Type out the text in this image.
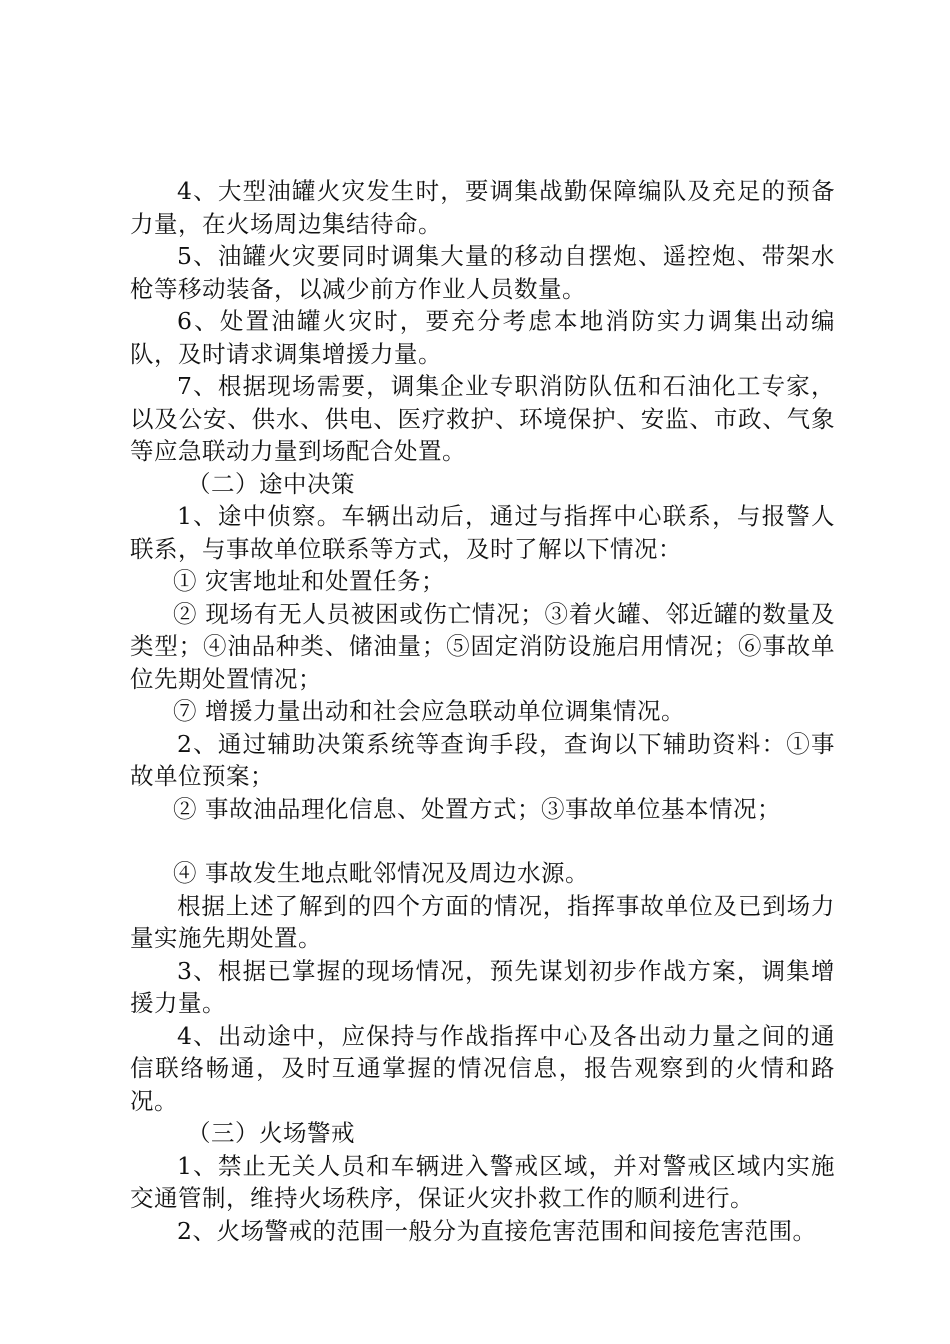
4、大型油罐火灾发生时，要调集战勤保障编队及充足的预备力量，在火场周边集结待命。

5、油罐火灾要同时调集大量的移动自摆炮、遥控炮、带架水枪等移动装备，以减少前方作业人员数量。

6、处置油罐火灾时，要充分考虑本地消防实力调集出动编队，及时请求调集增援力量。

7、根据现场需要，调集企业专职消防队伍和石油化工专家，以及公安、供水、供电、医疗救护、环境保护、安监、市政、气象等应急联动力量到场配合处置。

（二）途中决策

1、途中侦察。车辆出动后，通过与指挥中心联系，与报警人联系，与事故单位联系等方式，及时了解以下情况：

① 灾害地址和处置任务；

② 现场有无人员被困或伤亡情况；③着火罐、邻近罐的数量及类型；④油品种类、储油量；⑤固定消防设施启用情况；⑥事故单位先期处置情况；

⑦ 增援力量出动和社会应急联动单位调集情况。

2、通过辅助决策系统等查询手段，查询以下辅助资料：①事故单位预案；

② 事故油品理化信息、处置方式；③事故单位基本情况；

④ 事故发生地点毗邻情况及周边水源。

根据上述了解到的四个方面的情况，指挥事故单位及已到场力量实施先期处置。

3、根据已掌握的现场情况，预先谋划初步作战方案，调集增援力量。

4、出动途中，应保持与作战指挥中心及各出动力量之间的通信联络畅通，及时互通掌握的情况信息，报告观察到的火情和路况。

（三）火场警戒

1、禁止无关人员和车辆进入警戒区域，并对警戒区域内实施交通管制，维持火场秩序，保证火灾扑救工作的顺利进行。

2、火场警戒的范围一般分为直接危害范围和间接危害范围。
